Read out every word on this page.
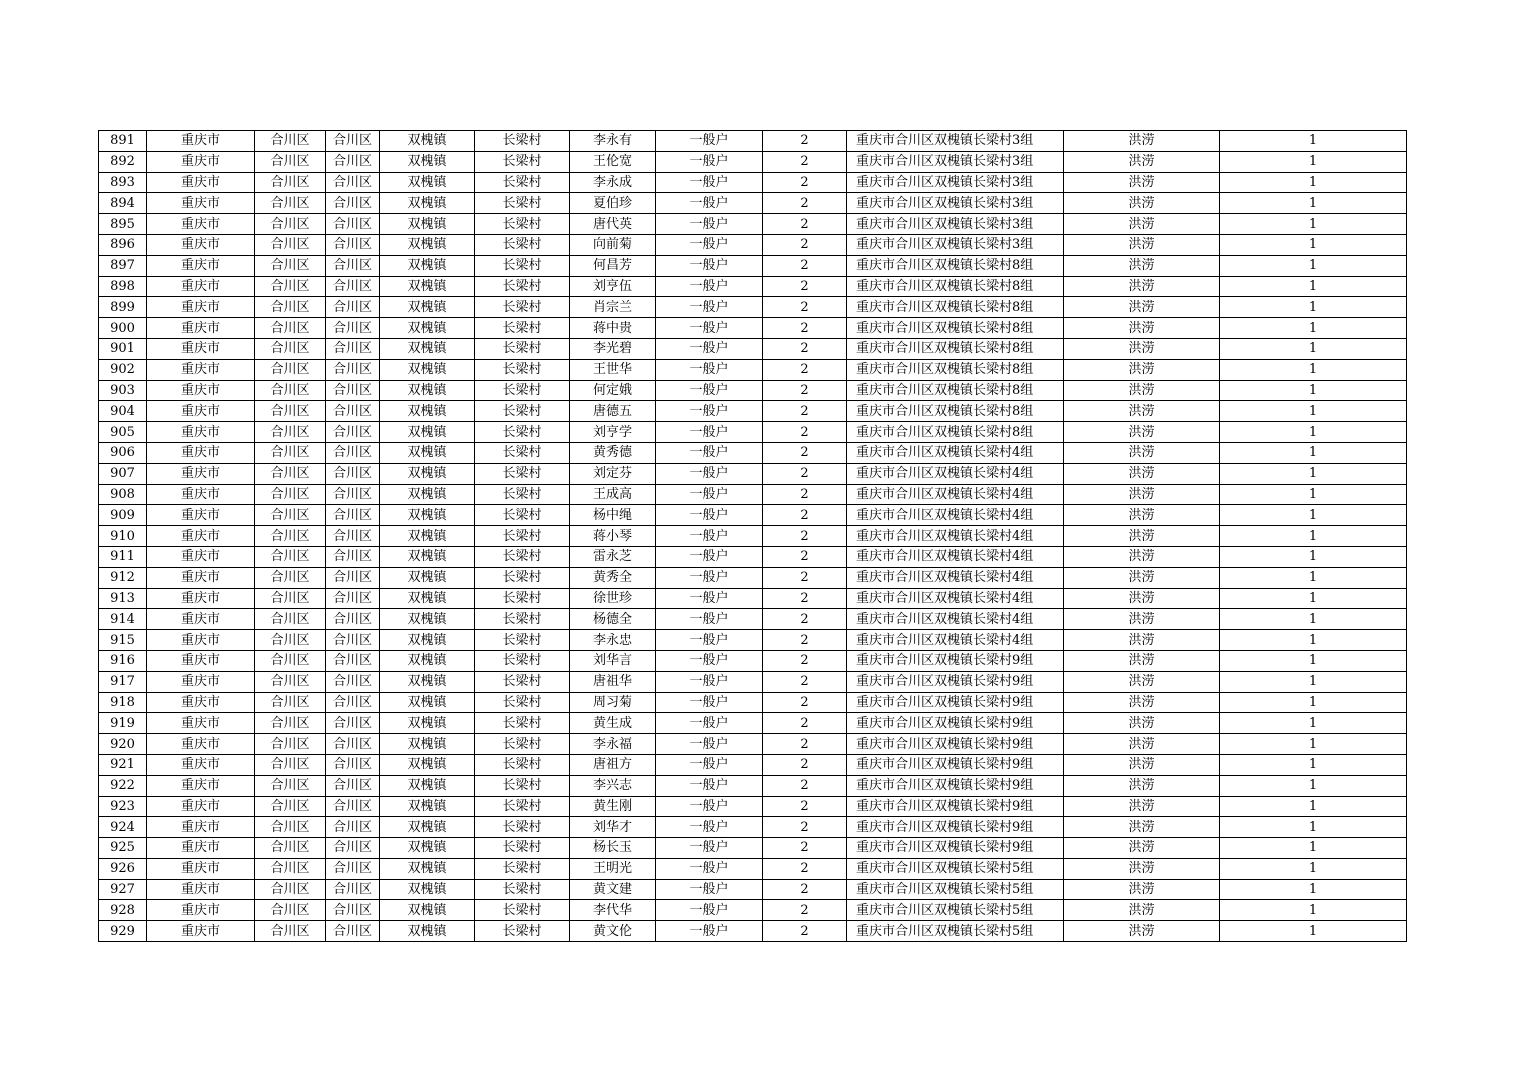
891	重庆市	合川区	合川区	双槐镇	长梁村	李永有	一般户	2	重庆市合川区双槐镇长梁村3组	洪涝	1
892	重庆市	合川区	合川区	双槐镇	长梁村	王伦宽	一般户	2	重庆市合川区双槐镇长梁村3组	洪涝	1
893	重庆市	合川区	合川区	双槐镇	长梁村	李永成	一般户	2	重庆市合川区双槐镇长梁村3组	洪涝	1
894	重庆市	合川区	合川区	双槐镇	长梁村	夏伯珍	一般户	2	重庆市合川区双槐镇长梁村3组	洪涝	1
895	重庆市	合川区	合川区	双槐镇	长梁村	唐代英	一般户	2	重庆市合川区双槐镇长梁村3组	洪涝	1
896	重庆市	合川区	合川区	双槐镇	长梁村	向前菊	一般户	2	重庆市合川区双槐镇长梁村3组	洪涝	1
897	重庆市	合川区	合川区	双槐镇	长梁村	何昌芳	一般户	2	重庆市合川区双槐镇长梁村8组	洪涝	1
898	重庆市	合川区	合川区	双槐镇	长梁村	刘亨伍	一般户	2	重庆市合川区双槐镇长梁村8组	洪涝	1
899	重庆市	合川区	合川区	双槐镇	长梁村	肖宗兰	一般户	2	重庆市合川区双槐镇长梁村8组	洪涝	1
900	重庆市	合川区	合川区	双槐镇	长梁村	蒋中贵	一般户	2	重庆市合川区双槐镇长梁村8组	洪涝	1
901	重庆市	合川区	合川区	双槐镇	长梁村	李光碧	一般户	2	重庆市合川区双槐镇长梁村8组	洪涝	1
902	重庆市	合川区	合川区	双槐镇	长梁村	王世华	一般户	2	重庆市合川区双槐镇长梁村8组	洪涝	1
903	重庆市	合川区	合川区	双槐镇	长梁村	何定娥	一般户	2	重庆市合川区双槐镇长梁村8组	洪涝	1
904	重庆市	合川区	合川区	双槐镇	长梁村	唐德五	一般户	2	重庆市合川区双槐镇长梁村8组	洪涝	1
905	重庆市	合川区	合川区	双槐镇	长梁村	刘亨学	一般户	2	重庆市合川区双槐镇长梁村8组	洪涝	1
906	重庆市	合川区	合川区	双槐镇	长梁村	黄秀德	一般户	2	重庆市合川区双槐镇长梁村4组	洪涝	1
907	重庆市	合川区	合川区	双槐镇	长梁村	刘定芬	一般户	2	重庆市合川区双槐镇长梁村4组	洪涝	1
908	重庆市	合川区	合川区	双槐镇	长梁村	王成高	一般户	2	重庆市合川区双槐镇长梁村4组	洪涝	1
909	重庆市	合川区	合川区	双槐镇	长梁村	杨中绳	一般户	2	重庆市合川区双槐镇长梁村4组	洪涝	1
910	重庆市	合川区	合川区	双槐镇	长梁村	蒋小琴	一般户	2	重庆市合川区双槐镇长梁村4组	洪涝	1
911	重庆市	合川区	合川区	双槐镇	长梁村	雷永芝	一般户	2	重庆市合川区双槐镇长梁村4组	洪涝	1
912	重庆市	合川区	合川区	双槐镇	长梁村	黄秀全	一般户	2	重庆市合川区双槐镇长梁村4组	洪涝	1
913	重庆市	合川区	合川区	双槐镇	长梁村	徐世珍	一般户	2	重庆市合川区双槐镇长梁村4组	洪涝	1
914	重庆市	合川区	合川区	双槐镇	长梁村	杨德全	一般户	2	重庆市合川区双槐镇长梁村4组	洪涝	1
915	重庆市	合川区	合川区	双槐镇	长梁村	李永忠	一般户	2	重庆市合川区双槐镇长梁村4组	洪涝	1
916	重庆市	合川区	合川区	双槐镇	长梁村	刘华言	一般户	2	重庆市合川区双槐镇长梁村9组	洪涝	1
917	重庆市	合川区	合川区	双槐镇	长梁村	唐祖华	一般户	2	重庆市合川区双槐镇长梁村9组	洪涝	1
918	重庆市	合川区	合川区	双槐镇	长梁村	周习菊	一般户	2	重庆市合川区双槐镇长梁村9组	洪涝	1
919	重庆市	合川区	合川区	双槐镇	长梁村	黄生成	一般户	2	重庆市合川区双槐镇长梁村9组	洪涝	1
920	重庆市	合川区	合川区	双槐镇	长梁村	李永福	一般户	2	重庆市合川区双槐镇长梁村9组	洪涝	1
921	重庆市	合川区	合川区	双槐镇	长梁村	唐祖方	一般户	2	重庆市合川区双槐镇长梁村9组	洪涝	1
922	重庆市	合川区	合川区	双槐镇	长梁村	李兴志	一般户	2	重庆市合川区双槐镇长梁村9组	洪涝	1
923	重庆市	合川区	合川区	双槐镇	长梁村	黄生刚	一般户	2	重庆市合川区双槐镇长梁村9组	洪涝	1
924	重庆市	合川区	合川区	双槐镇	长梁村	刘华才	一般户	2	重庆市合川区双槐镇长梁村9组	洪涝	1
925	重庆市	合川区	合川区	双槐镇	长梁村	杨长玉	一般户	2	重庆市合川区双槐镇长梁村9组	洪涝	1
926	重庆市	合川区	合川区	双槐镇	长梁村	王明光	一般户	2	重庆市合川区双槐镇长梁村5组	洪涝	1
927	重庆市	合川区	合川区	双槐镇	长梁村	黄文建	一般户	2	重庆市合川区双槐镇长梁村5组	洪涝	1
928	重庆市	合川区	合川区	双槐镇	长梁村	李代华	一般户	2	重庆市合川区双槐镇长梁村5组	洪涝	1
929	重庆市	合川区	合川区	双槐镇	长梁村	黄文伦	一般户	2	重庆市合川区双槐镇长梁村5组	洪涝	1
